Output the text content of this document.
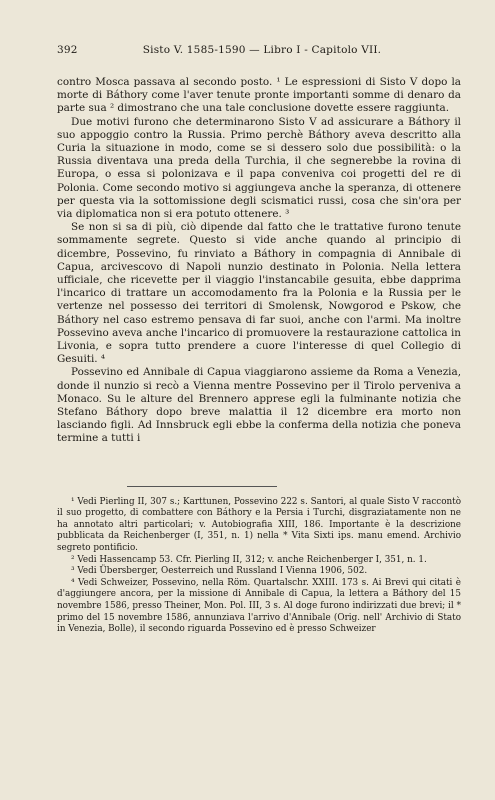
392	Sisto V. 1585-1590 — Libro I - Capitolo VII.

contro Mosca passava al secondo posto. ¹ Le espressioni di Sisto V dopo la morte di Báthory come l'aver tenute pronte importanti somme di denaro da parte sua ² dimostrano che una tale conclusione dovette essere raggiunta.

Due motivi furono che determinarono Sisto V ad assicurare a Báthory il suo appoggio contro la Russia. Primo perchè Báthory aveva descritto alla Curia la situazione in modo, come se si dessero solo due possibilità: o la Russia diventava una preda della Turchia, il che segnerebbe la rovina di Europa, o essa si polonizava e il papa conveniva coi progetti del re di Polonia. Come secondo motivo si aggiungeva anche la speranza, di ottenere per questa via la sottomissione degli scismatici russi, cosa che sin'ora per via diplomatica non si era potuto ottenere. ³

Se non si sa di più, ciò dipende dal fatto che le trattative furono tenute sommamente segrete. Questo si vide anche quando al principio di dicembre, Possevino, fu rinviato a Báthory in compagnia di Annibale di Capua, arcivescovo di Napoli nunzio destinato in Polonia. Nella lettera ufficiale, che ricevette per il viaggio l'instancabile gesuita, ebbe dapprima l'incarico di trattare un accomodamento fra la Polonia e la Russia per le vertenze nel possesso dei territori di Smolensk, Nowgorod e Pskow, che Báthory nel caso estremo pensava di far suoi, anche con l'armi. Ma inoltre Possevino aveva anche l'incarico di promuovere la restaurazione cattolica in Livonia, e sopra tutto prendere a cuore l'interesse di quel Collegio di Gesuiti. ⁴

Possevino ed Annibale di Capua viaggiarono assieme da Roma a Venezia, donde il nunzio si recò a Vienna mentre Possevino per il Tirolo perveniva a Monaco. Su le alture del Brennero apprese egli la fulminante notizia che Stefano Báthory dopo breve malattia il 12 dicembre era morto non lasciando figli. Ad Innsbruck egli ebbe la conferma della notizia che poneva termine a tutti i

¹ Vedi Pierling II, 307 s.; Karttunen, Possevino 222 s. Santori, al quale Sisto V raccontò il suo progetto, di combattere con Báthory e la Persia i Turchi, disgraziatamente non ne ha annotato altri particolari; v. Autobiografia XIII, 186. Importante è la descrizione pubblicata da Reichenberger (I, 351, n. 1) nella * Vita Sixti ips. manu emend. Archivio segreto pontificio.

² Vedi Hassencamp 53. Cfr. Pierling II, 312; v. anche Reichenberger I, 351, n. 1.

³ Vedi Übersberger, Oesterreich und Russland I Vienna 1906, 502.

⁴ Vedi Schweizer, Possevino, nella Röm. Quartalschr. XXIII. 173 s. Ai Brevi qui citati è d'aggiungere ancora, per la missione di Annibale di Capua, la lettera a Báthory del 15 novembre 1586, presso Theiner, Mon. Pol. III, 3 s. Al doge furono indirizzati due brevi; il * primo del 15 novembre 1586, annunziava l'arrivo d'Annibale (Orig. nell' Archivio di Stato in Venezia, Bolle), il secondo riguarda Possevino ed è presso Schweizer
